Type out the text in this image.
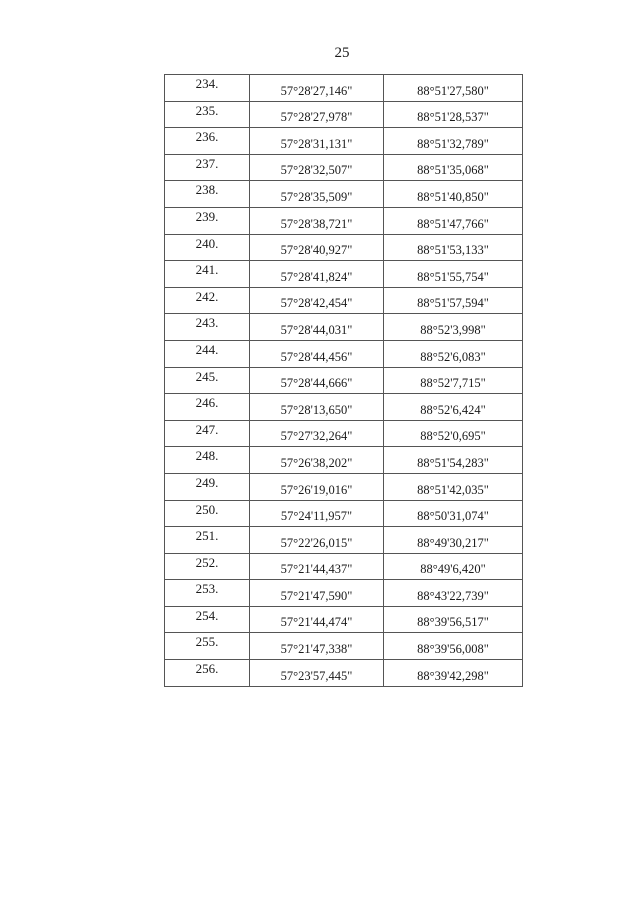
25
234.	57°28'27,146"	88°51'27,580"
235.	57°28'27,978"	88°51'28,537"
236.	57°28'31,131"	88°51'32,789"
237.	57°28'32,507"	88°51'35,068"
238.	57°28'35,509"	88°51'40,850"
239.	57°28'38,721"	88°51'47,766"
240.	57°28'40,927"	88°51'53,133"
241.	57°28'41,824"	88°51'55,754"
242.	57°28'42,454"	88°51'57,594"
243.	57°28'44,031"	88°52'3,998"
244.	57°28'44,456"	88°52'6,083"
245.	57°28'44,666"	88°52'7,715"
246.	57°28'13,650"	88°52'6,424"
247.	57°27'32,264"	88°52'0,695"
248.	57°26'38,202"	88°51'54,283"
249.	57°26'19,016"	88°51'42,035"
250.	57°24'11,957"	88°50'31,074"
251.	57°22'26,015"	88°49'30,217"
252.	57°21'44,437"	88°49'6,420"
253.	57°21'47,590"	88°43'22,739"
254.	57°21'44,474"	88°39'56,517"
255.	57°21'47,338"	88°39'56,008"
256.	57°23'57,445"	88°39'42,298"
